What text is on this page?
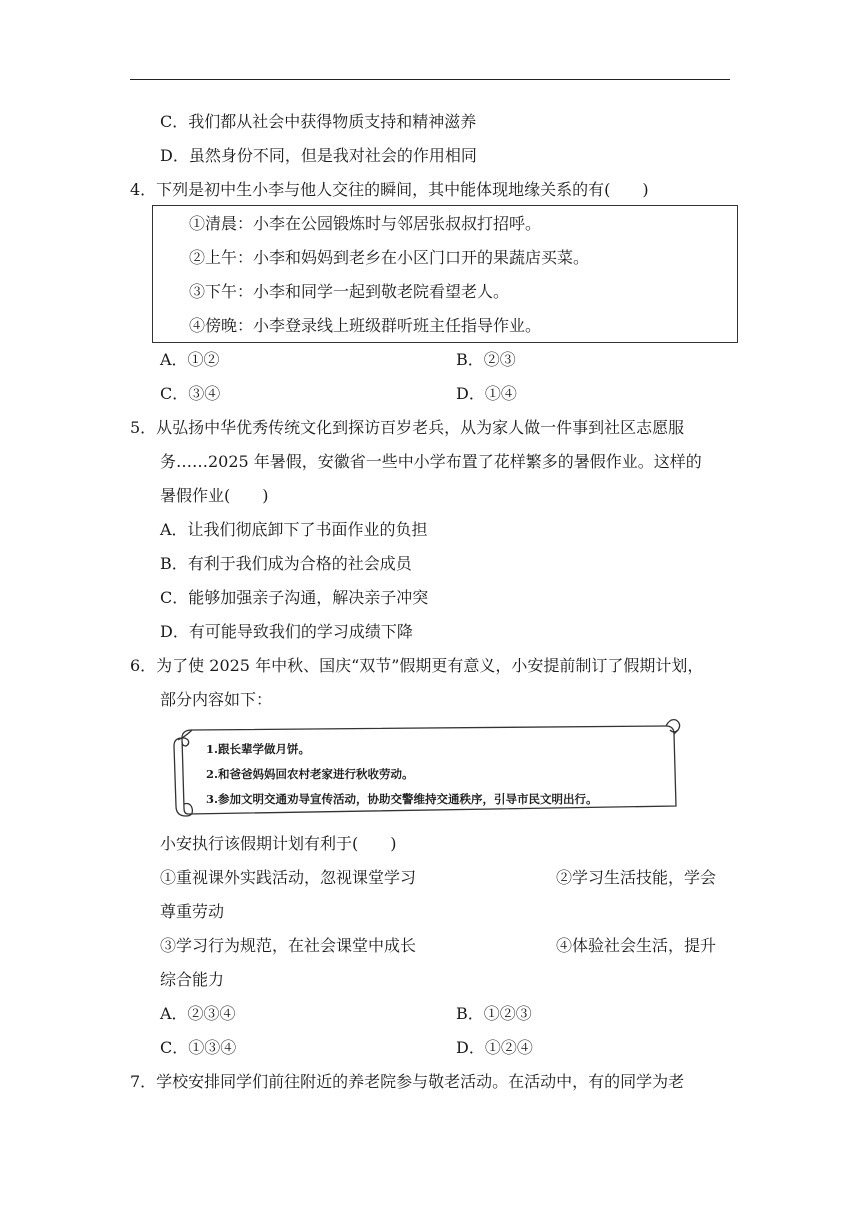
C．我们都从社会中获得物质支持和精神滋养
D．虽然身份不同，但是我对社会的作用相同
4．下列是初中生小李与他人交往的瞬间，其中能体现地缘关系的有(　　)
①清晨：小李在公园锻炼时与邻居张叔叔打招呼。
②上午：小李和妈妈到老乡在小区门口开的果蔬店买菜。
③下午：小李和同学一起到敬老院看望老人。
④傍晚：小李登录线上班级群听班主任指导作业。
A．①②	B．②③
C．③④	D．①④
5．从弘扬中华优秀传统文化到探访百岁老兵，从为家人做一件事到社区志愿服
务……2025 年暑假，安徽省一些中小学布置了花样繁多的暑假作业。这样的
暑假作业(　　)
A．让我们彻底卸下了书面作业的负担
B．有利于我们成为合格的社会成员
C．能够加强亲子沟通，解决亲子冲突
D．有可能导致我们的学习成绩下降
6．为了使 2025 年中秋、国庆“双节”假期更有意义，小安提前制订了假期计划，
部分内容如下：
1.跟长辈学做月饼。
2.和爸爸妈妈回农村老家进行秋收劳动。
3.参加文明交通劝导宣传活动，协助交警维持交通秩序，引导市民文明出行。
小安执行该假期计划有利于(　　)
①重视课外实践活动，忽视课堂学习	②学习生活技能，学会
尊重劳动
③学习行为规范，在社会课堂中成长	④体验社会生活，提升
综合能力
A．②③④	B．①②③
C．①③④	D．①②④
7．学校安排同学们前往附近的养老院参与敬老活动。在活动中，有的同学为老
